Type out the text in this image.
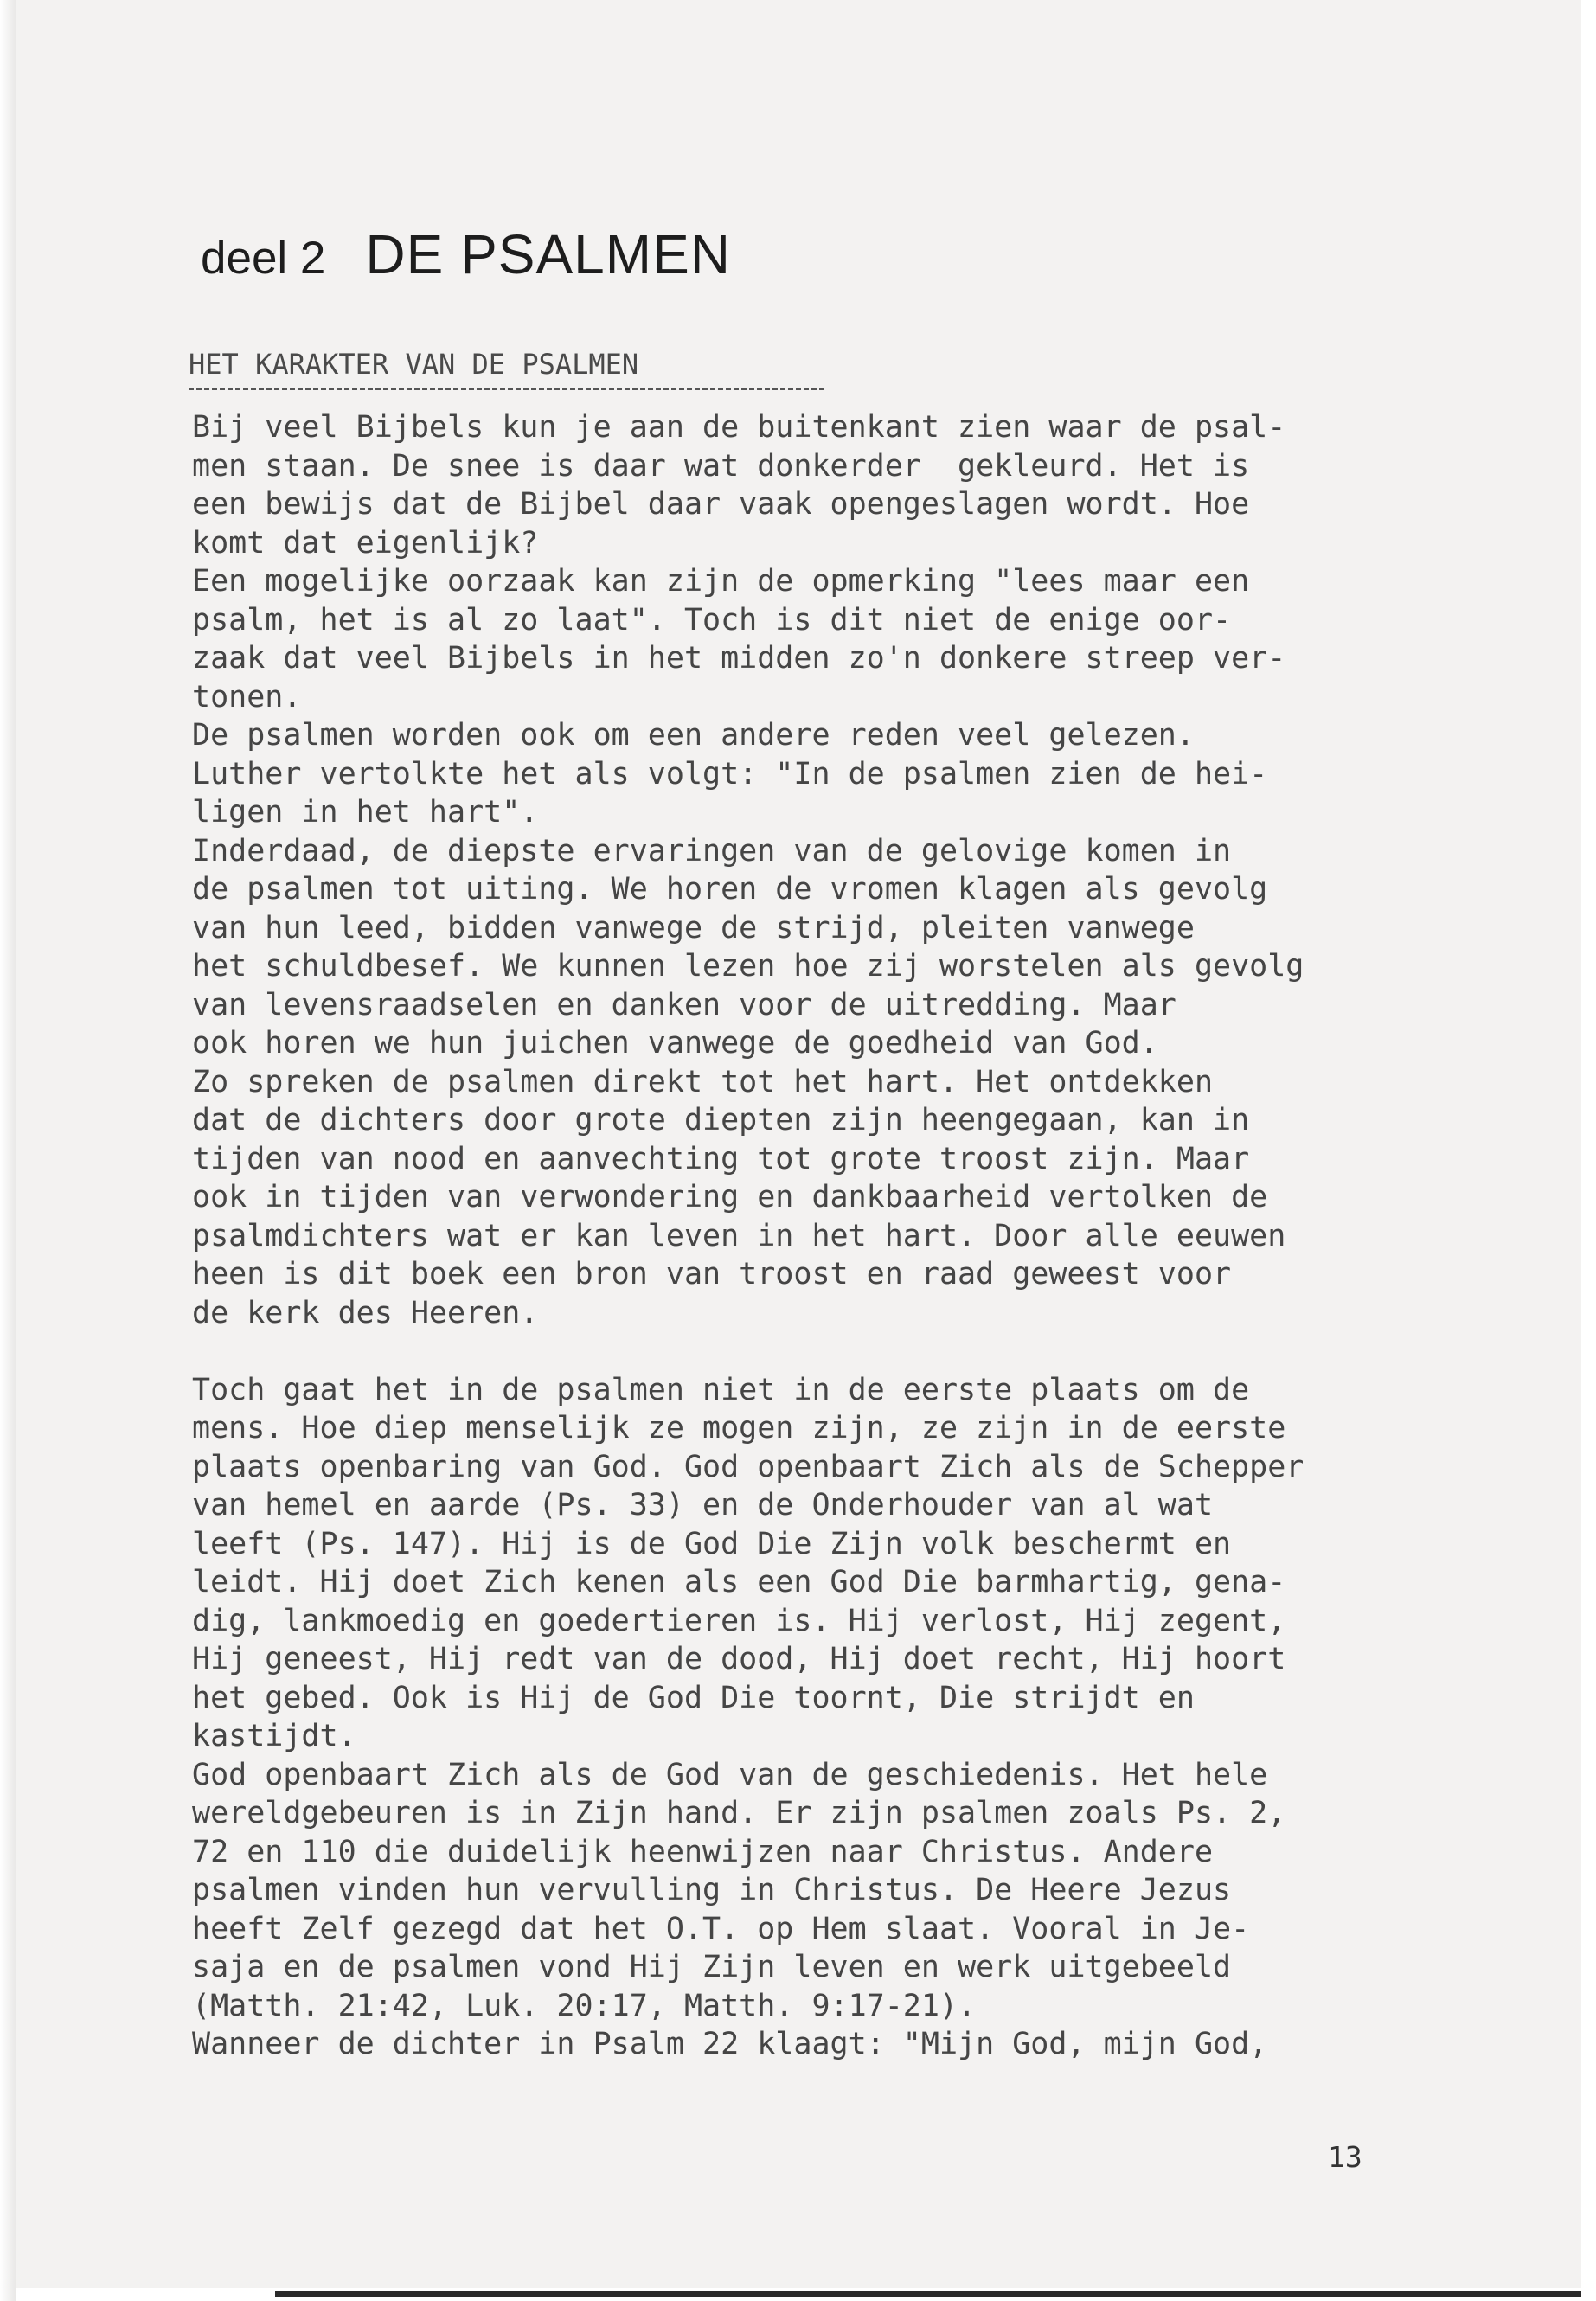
deel 2 DE PSALMEN
HET KARAKTER VAN DE PSALMEN
Bij veel Bijbels kun je aan de buitenkant zien waar de psal-
men staan. De snee is daar wat donkerder  gekleurd. Het is
een bewijs dat de Bijbel daar vaak opengeslagen wordt. Hoe
komt dat eigenlijk?
Een mogelijke oorzaak kan zijn de opmerking "lees maar een
psalm, het is al zo laat". Toch is dit niet de enige oor-
zaak dat veel Bijbels in het midden zo'n donkere streep ver-
tonen.
De psalmen worden ook om een andere reden veel gelezen.
Luther vertolkte het als volgt: "In de psalmen zien de hei-
ligen in het hart".
Inderdaad, de diepste ervaringen van de gelovige komen in
de psalmen tot uiting. We horen de vromen klagen als gevolg
van hun leed, bidden vanwege de strijd, pleiten vanwege
het schuldbesef. We kunnen lezen hoe zij worstelen als gevolg
van levensraadselen en danken voor de uitredding. Maar
ook horen we hun juichen vanwege de goedheid van God.
Zo spreken de psalmen direkt tot het hart. Het ontdekken
dat de dichters door grote diepten zijn heengegaan, kan in
tijden van nood en aanvechting tot grote troost zijn. Maar
ook in tijden van verwondering en dankbaarheid vertolken de
psalmdichters wat er kan leven in het hart. Door alle eeuwen
heen is dit boek een bron van troost en raad geweest voor
de kerk des Heeren.
Toch gaat het in de psalmen niet in de eerste plaats om de
mens. Hoe diep menselijk ze mogen zijn, ze zijn in de eerste
plaats openbaring van God. God openbaart Zich als de Schepper
van hemel en aarde (Ps. 33) en de Onderhouder van al wat
leeft (Ps. 147). Hij is de God Die Zijn volk beschermt en
leidt. Hij doet Zich kenen als een God Die barmhartig, gena-
dig, lankmoedig en goedertieren is. Hij verlost, Hij zegent,
Hij geneest, Hij redt van de dood, Hij doet recht, Hij hoort
het gebed. Ook is Hij de God Die toornt, Die strijdt en
kastijdt.
God openbaart Zich als de God van de geschiedenis. Het hele
wereldgebeuren is in Zijn hand. Er zijn psalmen zoals Ps. 2,
72 en 110 die duidelijk heenwijzen naar Christus. Andere
psalmen vinden hun vervulling in Christus. De Heere Jezus
heeft Zelf gezegd dat het O.T. op Hem slaat. Vooral in Je-
saja en de psalmen vond Hij Zijn leven en werk uitgebeeld
(Matth. 21:42, Luk. 20:17, Matth. 9:17-21).
Wanneer de dichter in Psalm 22 klaagt: "Mijn God, mijn God,
13
